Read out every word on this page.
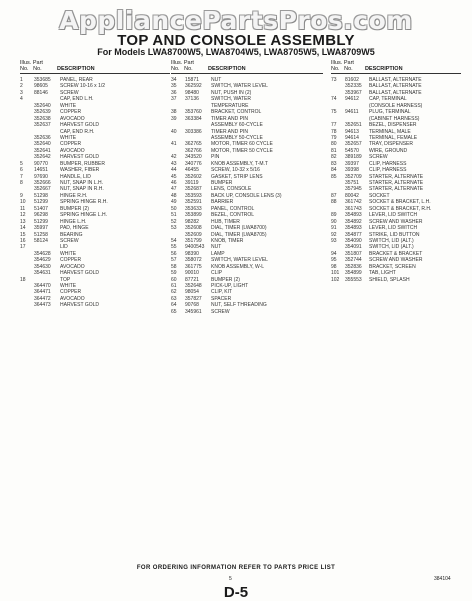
AppliancePartsPros.com
TOP AND CONSOLE ASSEMBLY
For Models LWA8700W5, LWA8704W5, LWA8705W5, LWA8709W5

Illus. Part

No. No.	DESCRIPTION

1	353685	PANEL, REAR
2	98605	SCREW 10-16 x 1/2
3	88146	SCREW
4	CAP, END L.H.
352640	WHITE
352639	COPPER
352638	AVOCADO
352637	HARVEST GOLD
CAP, END R.H.
352636	WHITE
352640	COPPER
352641	AVOCADO
352642	HARVEST GOLD
5	90770	BUMPER, RUBBER
6	14651	WASHER, FIBER
7	97690	HANDLE, LID
8	352666	NUT, SNAP IN L.H.
352667	NUT, SNAP IN R.H.
9	51298	HINGE R.H.
10	51299	SPRING HINGE R.H.
11	51407	BUMPER (2)
12	96298	SPRING HINGE L.H.
13	51299	HINGE L.H.
14	35997	PAD, HINGE
15	51258	BEARING
16	58124	SCREW
17	LID
354628	WHITE
354629	COPPER
354630	AVOCADO
354631	HARVEST GOLD
18	TOP
364470	WHITE
364471	COPPER
364472	AVOCADO
364473	HARVEST GOLD

Illus. Part

No. No.	DESCRIPTION

34	15871	NUT
35	362592	SWITCH, WATER LEVEL
36	98480	NUT, PUSH IN (2)
37	37136	SWITCH, WATER
TEMPERATURE
38	353760	BRACKET, CONTROL
39	363384	TIMER AND PIN
ASSEMBLY 60-CYCLE
40	303386	TIMER AND PIN
ASSEMBLY 50-CYCLE
41	362765	MOTOR, TIMER 60 CYCLE
362766	MOTOR, TIMER 50 CYCLE
42	343520	PIN
43	340776	KNOB ASSEMBLY, T-M.T
44	46455	SCREW, 10-32 x 5/16
45	352602	GASKET, STRIP LENS
46	39119	BUMPER
47	352687	LENS, CONSOLE
48	353593	BACK UP, CONSOLE LENS (3)
49	352591	BARRIER
50	353633	PANEL, CONTROL
51	353899	BEZEL, CONTROL
52	98282	HUB, TIMER
53	352608	DIAL, TIMER (LWA8700)
352609	DIAL, TIMER (LWA8705)
54	351799	KNOB, TIMER
55	9400543	NUT
56	98390	LAMP
57	358072	SWITCH, WATER LEVEL
58	361775	KNOB ASSEMBLY, W-L
59	90010	CLIP
60	87721	BUMPER (2)
61	352648	PICK-UP, LIGHT
62	98054	CLIP, KIT
63	357827	SPACER
64	90768	NUT, SELF THREADING
65	345961	SCREW

Illus. Part

No. No. DESCRIPTION

73	81602	BALLAST, ALTERNATE
352335	BALLAST, ALTERNATE
353967	BALLAST, ALTERNATE
74	94612	CAP, TERMINAL
(CONSOLE HARNESS)
75	94611	PLUG, TERMINAL
(CABINET HARNESS)
77	352651	BEZEL, DISPENSER
78	94613	TERMINAL, MALE
79	94614	TERMINAL, FEMALE
80	352657	TRAY, DISPENSER
81	54570	WIRE, GROUND
82	389189	SCREW
83	39397	CLIP, HARNESS
84	39398	CLIP, HARNESS
85	352709	STARTER, ALTERNATE
35751	STARTER, ALTERNATE
357945	STARTER, ALTERNATE
87	80042	SOCKET
88	361742	SOCKET & BRACKET, L.H.
361743	SOCKET & BRACKET, R.H.
89	354893	LEVER, LID SWITCH
90	354892	SCREW AND WASHER
91	354893	LEVER, LID SWITCH
92	354877	STRIKE, LID BUTTON
93	354090	SWITCH, LID (ALT.)
354091	SWITCH, LID (ALT.)
94	351807	BRACKET & BRACKET
95	352744	SCREW AND WASHER
98	352836	BRACKET, SCREEN
101	354899	TAB, LIGHT
102	355553	SHIELD, SPLASH
FOR ORDERING INFORMATION REFER TO PARTS PRICE LIST
5	384104
D-5
